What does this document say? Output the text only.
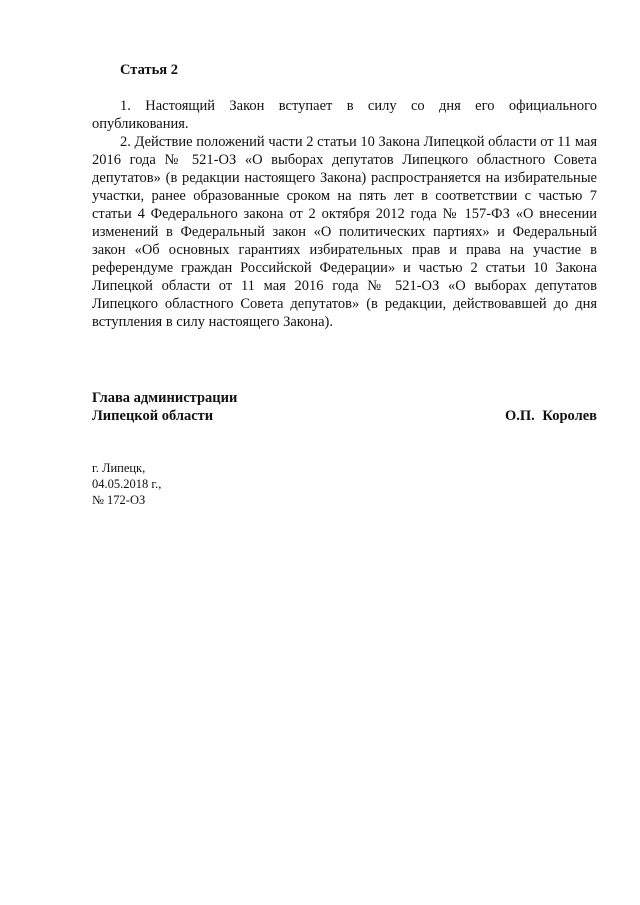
Статья 2

1. Настоящий Закон вступает в силу со дня его официального опубликования.

2. Действие положений части 2 статьи 10 Закона Липецкой области от 11 мая 2016 года № 521-ОЗ «О выборах депутатов Липецкого областного Совета депутатов» (в редакции настоящего Закона) распространяется на избирательные участки, ранее образованные сроком на пять лет в соответствии с частью 7 статьи 4 Федерального закона от 2 октября 2012 года № 157-ФЗ «О внесении изменений в Федеральный закон «О политических партиях» и Федеральный закон «Об основных гарантиях избирательных прав и права на участие в референдуме граждан Российской Федерации» и частью 2 статьи 10 Закона Липецкой области от 11 мая 2016 года № 521-ОЗ «О выборах депутатов Липецкого областного Совета депутатов» (в редакции, действовавшей до дня вступления в силу настоящего Закона).

Глава администрации
Липецкой области	О.П. Королев
г. Липецк,
04.05.2018 г.,
№ 172-ОЗ
